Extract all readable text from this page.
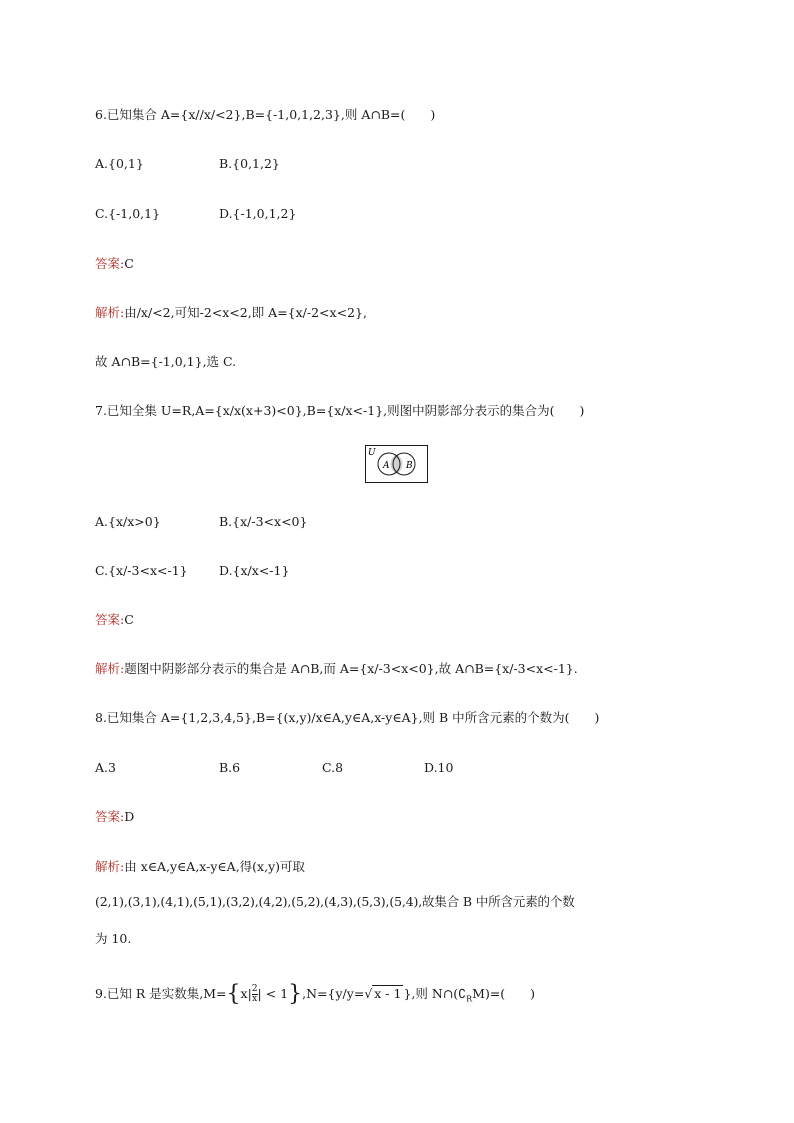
6.已知集合 A={x//x/<2},B={-1,0,1,2,3},则 A∩B=(　　)
A.{0,1}	B.{0,1,2}
C.{-1,0,1}	D.{-1,0,1,2}
答案:C
解析:由/x/<2,可知-2<x<2,即 A={x/-2<x<2},
故 A∩B={-1,0,1},选 C.
7.已知全集 U=R,A={x/x(x+3)<0},B={x/x<-1},则图中阴影部分表示的集合为(　　)
U
A B
A.{x/x>0}	B.{x/-3<x<0}
C.{x/-3<x<-1}	D.{x/x<-1}
答案:C
解析:题图中阴影部分表示的集合是 A∩B,而 A={x/-3<x<0},故 A∩B={x/-3<x<-1}.
8.已知集合 A={1,2,3,4,5},B={(x,y)/x∈A,y∈A,x-y∈A},则 B 中所含元素的个数为(　　)
A.3	B.6	C.8	D.10
答案:D
解析:由 x∈A,y∈A,x-y∈A,得(x,y)可取
(2,1),(3,1),(4,1),(5,1),(3,2),(4,2),(5,2),(4,3),(5,3),(5,4),故集合 B 中所含元素的个数
为 10.
9.已知 R 是实数集$,M=\{x| \frac{2}{x}$ | < 1},N={y/y=√ x - 1 },则 $N\cap(∁_RM)=$(　　)
